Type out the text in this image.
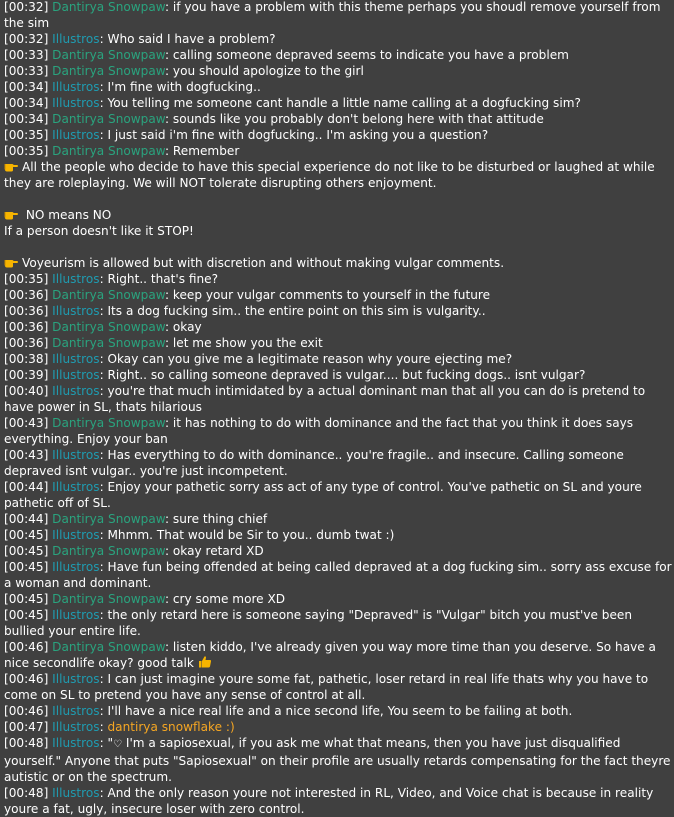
[00:32] Dantirya Snowpaw: if you have a problem with this theme perhaps you shoudl remove yourself from the sim

[00:32] Illustros: Who said I have a problem?

[00:33] Dantirya Snowpaw: calling someone depraved seems to indicate you have a problem

[00:33] Dantirya Snowpaw: you should apologize to the girl

[00:34] Illustros: I'm fine with dogfucking..

[00:34] Illustros: You telling me someone cant handle a little name calling at a dogfucking sim?

[00:34] Dantirya Snowpaw: sounds like you probably don't belong here with that attitude

[00:35] Illustros: I just said i'm fine with dogfucking.. I'm asking you a question?

[00:35] Dantirya Snowpaw: Remember

All the people who decide to have this special experience do not like to be disturbed or laughed at while they are roleplaying. We will NOT tolerate disrupting others enjoyment.

NO means NO

If a person doesn't like it STOP!

Voyeurism is allowed but with discretion and without making vulgar comments.

[00:35] Illustros: Right.. that's fine?

[00:36] Dantirya Snowpaw: keep your vulgar comments to yourself in the future

[00:36] Illustros: Its a dog fucking sim.. the entire point on this sim is vulgarity..

[00:36] Dantirya Snowpaw: okay

[00:36] Dantirya Snowpaw: let me show you the exit

[00:38] Illustros: Okay can you give me a legitimate reason why youre ejecting me?

[00:39] Illustros: Right.. so calling someone depraved is vulgar.... but fucking dogs.. isnt vulgar?

[00:40] Illustros: you're that much intimidated by a actual dominant man that all you can do is pretend to have power in SL, thats hilarious

[00:43] Dantirya Snowpaw: it has nothing to do with dominance and the fact that you think it does says everything. Enjoy your ban

[00:43] Illustros: Has everything to do with dominance.. you're fragile.. and insecure. Calling someone depraved isnt vulgar.. you're just incompetent.

[00:44] Illustros: Enjoy your pathetic sorry ass act of any type of control. You've pathetic on SL and youre pathetic off of SL.

[00:44] Dantirya Snowpaw: sure thing chief

[00:45] Illustros: Mhmm. That would be Sir to you.. dumb twat :)

[00:45] Dantirya Snowpaw: okay retard XD

[00:45] Illustros: Have fun being offended at being called depraved at a dog fucking sim.. sorry ass excuse for a woman and dominant.

[00:45] Dantirya Snowpaw: cry some more XD

[00:45] Illustros: the only retard here is someone saying "Depraved" is "Vulgar" bitch you must've been bullied your entire life.

[00:46] Dantirya Snowpaw: listen kiddo, I've already given you way more time than you deserve. So have a nice secondlife okay? good talk

[00:46] Illustros: I can just imagine youre some fat, pathetic, loser retard in real life thats why you have to come on SL to pretend you have any sense of control at all.

[00:46] Illustros: I'll have a nice real life and a nice second life, You seem to be failing at both.

[00:47] Illustros: dantirya snowflake :)

[00:48] Illustros: "♡ I'm a sapiosexual, if you ask me what that means, then you have just disqualified yourself." Anyone that puts "Sapiosexual" on their profile are usually retards compensating for the fact theyre autistic or on the spectrum.

[00:48] Illustros: And the only reason youre not interested in RL, Video, and Voice chat is because in reality youre a fat, ugly, insecure loser with zero control.
